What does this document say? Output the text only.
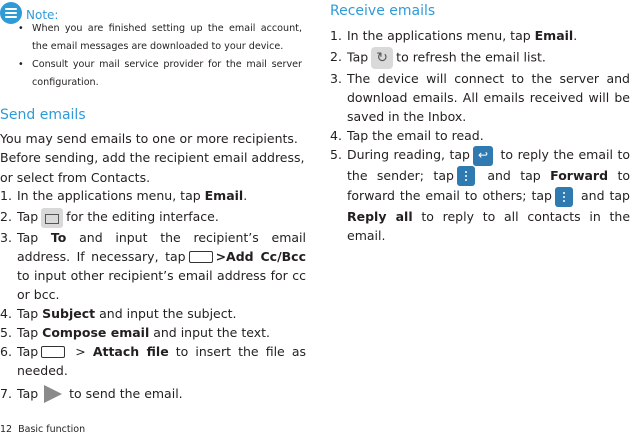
Note:
• When you are finished setting up the email account, the email messages are downloaded to your device.
• Consult your mail service provider for the mail server configuration.
Send emails
You may send emails to one or more recipients.
Before sending, add the recipient email address, or select from Contacts.
1. In the applications menu, tap Email.
2. Tap for the editing interface.
3. Tap To and input the recipient’s email address. If necessary, tap >Add Cc/Bcc to input other recipient’s email address for cc or bcc.
4. Tap Subject and input the subject.
5. Tap Compose email and input the text.
6. Tap > Attach file to insert the file as needed.
7. Tap to send the email.
12 Basic function
Receive emails
1. In the applications menu, tap Email.
2. Tap ↻ to refresh the email list.
3. The device will connect to the server and download emails. All emails received will be saved in the Inbox.
4. Tap the email to read.
5. During reading, tap ↩ to reply the email to the sender; tap
and tap Forward to forward the email to others; tap
and tap Reply all to reply to all contacts in the email.
